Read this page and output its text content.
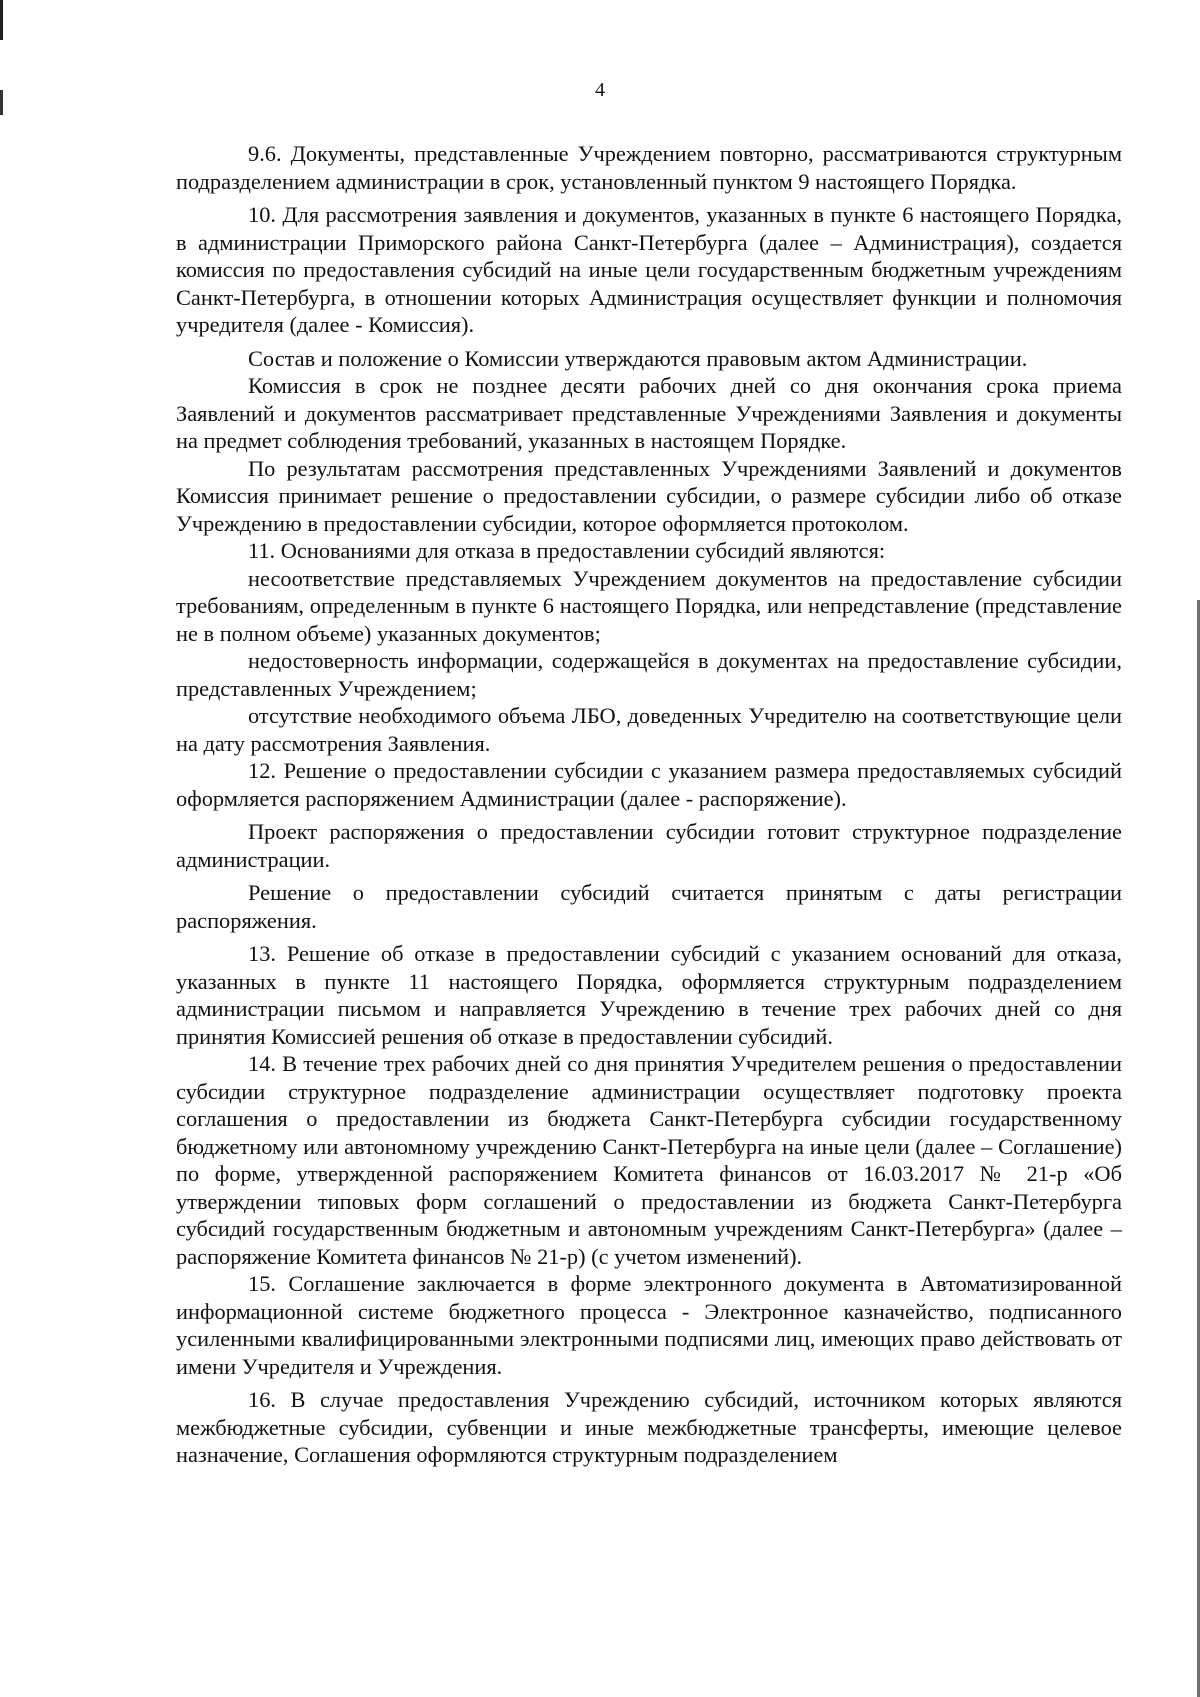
4

9.6. Документы, представленные Учреждением повторно, рассматриваются структурным подразделением администрации в срок, установленный пунктом 9 настоящего Порядка.

10. Для рассмотрения заявления и документов, указанных в пункте 6 настоящего Порядка, в администрации Приморского района Санкт-Петербурга (далее – Администрация), создается комиссия по предоставления субсидий на иные цели государственным бюджетным учреждениям Санкт-Петербурга, в отношении которых Администрация осуществляет функции и полномочия учредителя (далее - Комиссия).

Состав и положение о Комиссии утверждаются правовым актом Администрации.

Комиссия в срок не позднее десяти рабочих дней со дня окончания срока приема Заявлений и документов рассматривает представленные Учреждениями Заявления и документы на предмет соблюдения требований, указанных в настоящем Порядке.

По результатам рассмотрения представленных Учреждениями Заявлений и документов Комиссия принимает решение о предоставлении субсидии, о размере субсидии либо об отказе Учреждению в предоставлении субсидии, которое оформляется протоколом.

11. Основаниями для отказа в предоставлении субсидий являются:

несоответствие представляемых Учреждением документов на предоставление субсидии требованиям, определенным в пункте 6 настоящего Порядка, или непредставление (представление не в полном объеме) указанных документов;

недостоверность информации, содержащейся в документах на предоставление субсидии, представленных Учреждением;

отсутствие необходимого объема ЛБО, доведенных Учредителю на соответствующие цели на дату рассмотрения Заявления.

12. Решение о предоставлении субсидии с указанием размера предоставляемых субсидий оформляется распоряжением Администрации (далее - распоряжение).

Проект распоряжения о предоставлении субсидии готовит структурное подразделение администрации.

Решение о предоставлении субсидий считается принятым с даты регистрации распоряжения.

13. Решение об отказе в предоставлении субсидий с указанием оснований для отказа, указанных в пункте 11 настоящего Порядка, оформляется структурным подразделением администрации письмом и направляется Учреждению в течение трех рабочих дней со дня принятия Комиссией решения об отказе в предоставлении субсидий.

14. В течение трех рабочих дней со дня принятия Учредителем решения о предоставлении субсидии структурное подразделение администрации осуществляет подготовку проекта соглашения о предоставлении из бюджета Санкт-Петербурга субсидии государственному бюджетному или автономному учреждению Санкт-Петербурга на иные цели (далее – Соглашение) по форме, утвержденной распоряжением Комитета финансов от 16.03.2017 № 21-р «Об утверждении типовых форм соглашений о предоставлении из бюджета Санкт-Петербурга субсидий государственным бюджетным и автономным учреждениям Санкт-Петербурга» (далее – распоряжение Комитета финансов № 21-р) (с учетом изменений).

15. Соглашение заключается в форме электронного документа в Автоматизированной информационной системе бюджетного процесса - Электронное казначейство, подписанного усиленными квалифицированными электронными подписями лиц, имеющих право действовать от имени Учредителя и Учреждения.

16. В случае предоставления Учреждению субсидий, источником которых являются межбюджетные субсидии, субвенции и иные межбюджетные трансферты, имеющие целевое назначение, Соглашения оформляются структурным подразделением
